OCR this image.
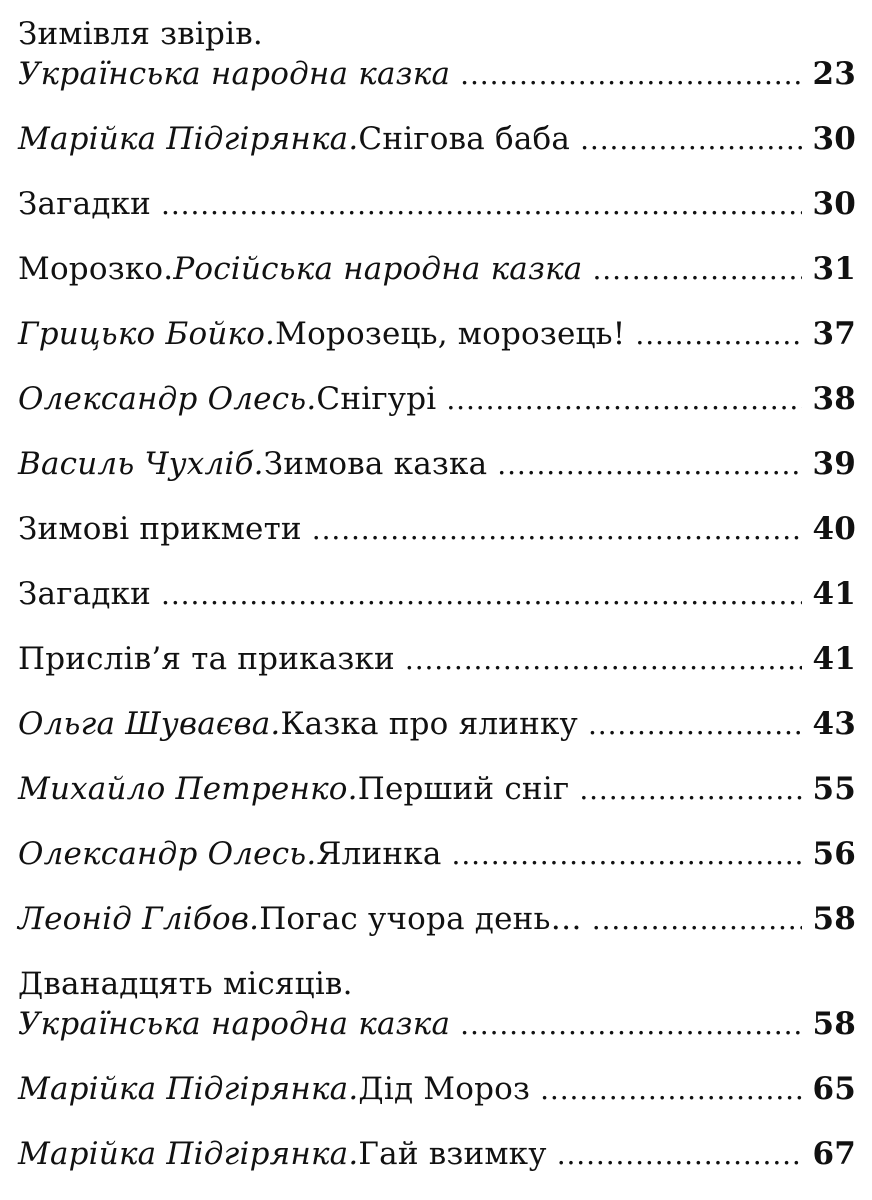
Зимівля звірів.
Українська народна казка . . .	23
Марійка Підгірянка. Снігова баба . . .	30
Загадки . . .	30
Морозко. Російська народна казка . . .	31
Грицько Бойко. Морозець, морозець! . . .	37
Олександр Олесь. Снігурі . . .	38
Василь Чухліб. Зимова казка . . .	39
Зимові прикмети . . .	40
Загадки . . .	41
Прислів’я та приказки . . .	41
Ольга Шуваєва. Казка про ялинку . . .	43
Михайло Петренко. Перший сніг . . .	55
Олександр Олесь. Ялинка . . .	56
Леонід Глібов. Погас учора день… . . .	58
Дванадцять місяців.
Українська народна казка . . .	58
Марійка Підгірянка. Дід Мороз . . .	65
Марійка Підгірянка. Гай взимку . . .	67
